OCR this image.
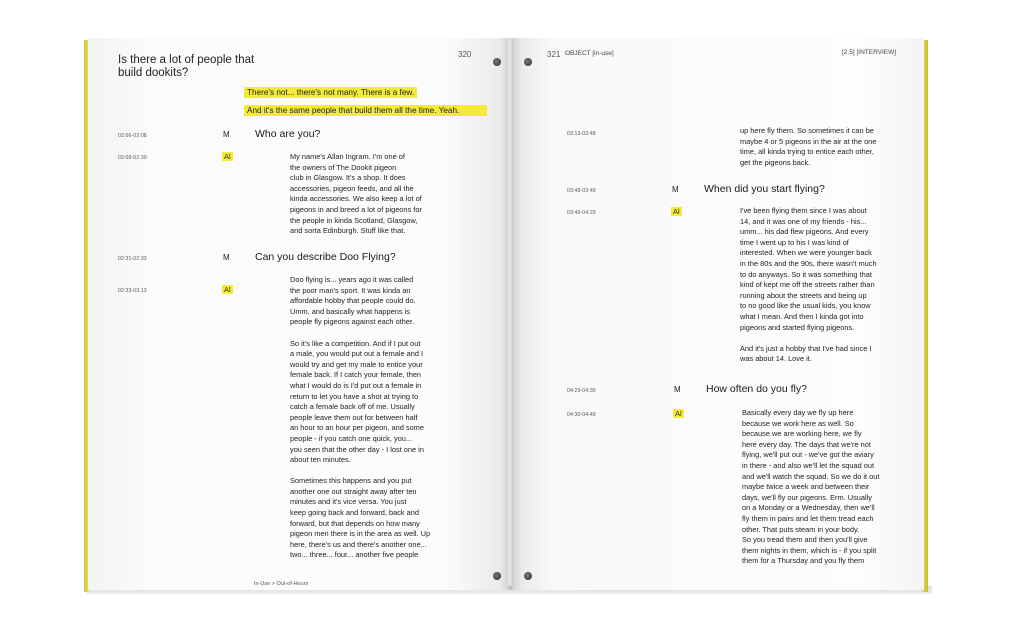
Is there a lot of people that build dookits?
320
There's not... there's not many. There is a few.
And it's the same people that build them all the time. Yeah.
02:06-02:08	M Who are you?
02:09-02:30	Al	My name's Allan Ingram. I'm one of
the owners of The Dookit pigeon
club in Glasgow. It's a shop. It does
accessories, pigeon feeds, and all the
kinda accessories. We also keep a lot of
pigeons in and breed a lot of pigeons for
the people in kinda Scotland, Glasgow,
and sorta Edinburgh. Stuff like that.
02:31-02:33	M Can you describe Doo Flying?
02:33-03:13	Al
Doo flying is... years ago it was called
the poor man's sport. It was kinda an
affordable hobby that people could do.
Umm, and basically what happens is
people fly pigeons against each other.

So it's like a competition. And if I put out
a male, you would put out a female and I
would try and get my male to entice your
female back. If I catch your female, then
what I would do is I'd put out a female in
return to let you have a shot at trying to
catch a female back off of me. Usually
people leave them out for between half
an hour to an hour per pigeon, and some
people - if you catch one quick, you...
you seen that the other day - I lost one in
about ten minutes.

Sometimes this happens and you put
another one out straight away after ten
minutes and it's vice versa. You just
keep going back and forward, back and
forward, but that depends on how many
pigeon men there is in the area as well. Up
here, there's us and there's another one...
two... three... four... another five people
In-Use > Out-of-Hours
321 OBJECT [in-use]	[2.5] [INTERVIEW]
03:13-03:48	up here fly them. So sometimes it can be
maybe 4 or 5 pigeons in the air at the one
time, all kinda trying to entice each other,
get the pigeons back.
03:48-03:49	M When did you start flying?
03:49-04:29	Al	I've been flying them since I was about
14, and it was one of my friends - his...
umm... his dad flew pigeons. And every
time I went up to his I was kind of
interested. When we were younger back
in the 80s and the 90s, there wasn't much
to do anyways. So it was something that
kind of kept me off the streets rather than
running about the streets and being up
to no good like the usual kids, you know
what I mean. And then I kinda got into
pigeons and started flying pigeons.

And it's just a hobby that I've had since I
was about 14. Love it.
04:29-04:30	M How often do you fly?
04:30-04:49	Al	Basically every day we fly up here
because we work here as well. So
because we are working here, we fly
here every day. The days that we're not
flying, we'll put out - we've got the aviary
in there - and also we'll let the squad out
and we'll watch the squad. So we do it out
maybe twice a week and between their
days, we'll fly our pigeons. Erm. Usually
on a Monday or a Wednesday, then we'll
fly them in pairs and let them tread each
other. That puts steam in your body.
So you tread them and then you'll give
them nights in them, which is - if you split
them for a Thursday and you fly them
